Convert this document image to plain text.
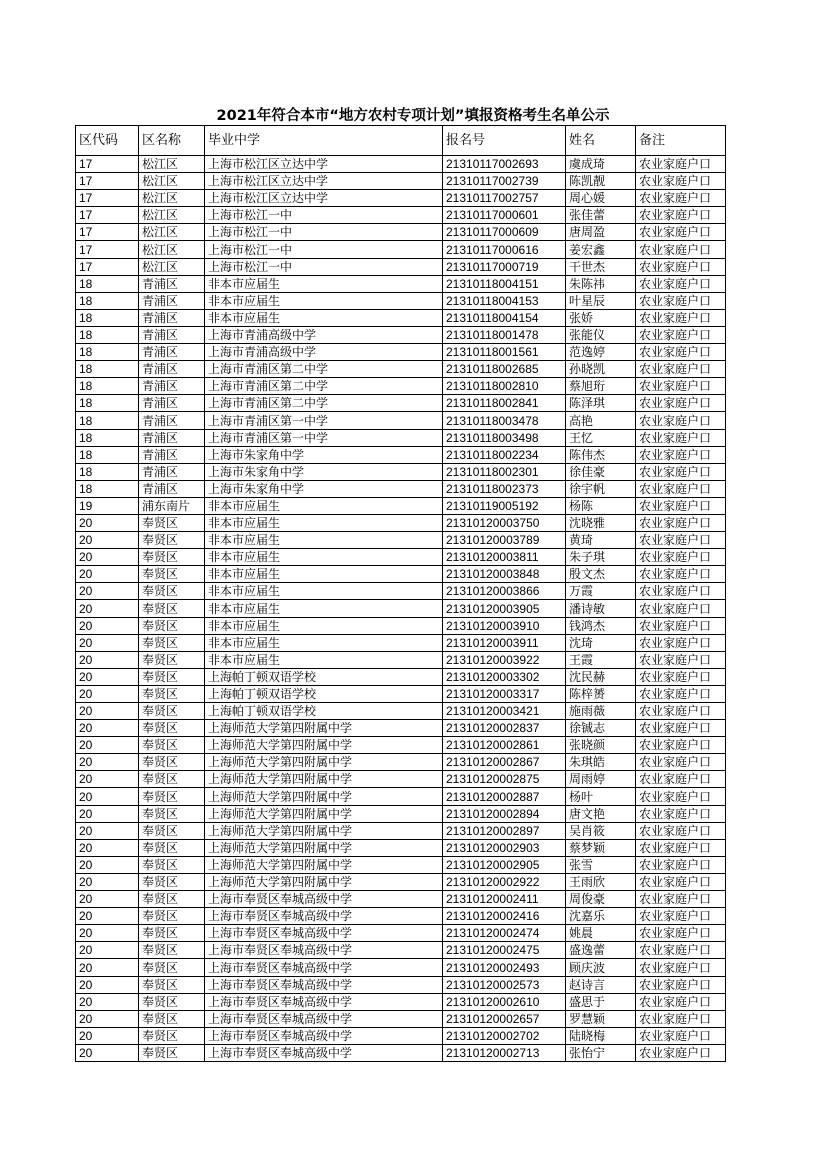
2021年符合本市“地方农村专项计划”填报资格考生名单公示
区代码	区名称	毕业中学	报名号	姓名	备注
17	松江区	上海市松江区立达中学	21310117002693	虞成琦	农业家庭户口
17	松江区	上海市松江区立达中学	21310117002739	陈凯靓	农业家庭户口
17	松江区	上海市松江区立达中学	21310117002757	周心媛	农业家庭户口
17	松江区	上海市松江一中	21310117000601	张佳蕾	农业家庭户口
17	松江区	上海市松江一中	21310117000609	唐周盈	农业家庭户口
17	松江区	上海市松江一中	21310117000616	姜宏鑫	农业家庭户口
17	松江区	上海市松江一中	21310117000719	干世杰	农业家庭户口
18	青浦区	非本市应届生	21310118004151	朱陈祎	农业家庭户口
18	青浦区	非本市应届生	21310118004153	叶星辰	农业家庭户口
18	青浦区	非本市应届生	21310118004154	张娇	农业家庭户口
18	青浦区	上海市青浦高级中学	21310118001478	张能仪	农业家庭户口
18	青浦区	上海市青浦高级中学	21310118001561	范逸婷	农业家庭户口
18	青浦区	上海市青浦区第二中学	21310118002685	孙晓凯	农业家庭户口
18	青浦区	上海市青浦区第二中学	21310118002810	蔡旭珩	农业家庭户口
18	青浦区	上海市青浦区第二中学	21310118002841	陈泽琪	农业家庭户口
18	青浦区	上海市青浦区第一中学	21310118003478	高艳	农业家庭户口
18	青浦区	上海市青浦区第一中学	21310118003498	王忆	农业家庭户口
18	青浦区	上海市朱家角中学	21310118002234	陈伟杰	农业家庭户口
18	青浦区	上海市朱家角中学	21310118002301	徐佳豪	农业家庭户口
18	青浦区	上海市朱家角中学	21310118002373	徐宇帆	农业家庭户口
19	浦东南片	非本市应届生	21310119005192	杨陈	农业家庭户口
20	奉贤区	非本市应届生	21310120003750	沈晓雅	农业家庭户口
20	奉贤区	非本市应届生	21310120003789	黄琦	农业家庭户口
20	奉贤区	非本市应届生	21310120003811	朱子琪	农业家庭户口
20	奉贤区	非本市应届生	21310120003848	殷文杰	农业家庭户口
20	奉贤区	非本市应届生	21310120003866	万霞	农业家庭户口
20	奉贤区	非本市应届生	21310120003905	潘诗敏	农业家庭户口
20	奉贤区	非本市应届生	21310120003910	钱鸿杰	农业家庭户口
20	奉贤区	非本市应届生	21310120003911	沈琦	农业家庭户口
20	奉贤区	非本市应届生	21310120003922	王霞	农业家庭户口
20	奉贤区	上海帕丁顿双语学校	21310120003302	沈民赫	农业家庭户口
20	奉贤区	上海帕丁顿双语学校	21310120003317	陈梓赟	农业家庭户口
20	奉贤区	上海帕丁顿双语学校	21310120003421	施雨薇	农业家庭户口
20	奉贤区	上海师范大学第四附属中学	21310120002837	徐铖志	农业家庭户口
20	奉贤区	上海师范大学第四附属中学	21310120002861	张晓颜	农业家庭户口
20	奉贤区	上海师范大学第四附属中学	21310120002867	朱琪皓	农业家庭户口
20	奉贤区	上海师范大学第四附属中学	21310120002875	周雨婷	农业家庭户口
20	奉贤区	上海师范大学第四附属中学	21310120002887	杨叶	农业家庭户口
20	奉贤区	上海师范大学第四附属中学	21310120002894	唐文艳	农业家庭户口
20	奉贤区	上海师范大学第四附属中学	21310120002897	吴肖筱	农业家庭户口
20	奉贤区	上海师范大学第四附属中学	21310120002903	蔡梦颖	农业家庭户口
20	奉贤区	上海师范大学第四附属中学	21310120002905	张雪	农业家庭户口
20	奉贤区	上海师范大学第四附属中学	21310120002922	王雨欣	农业家庭户口
20	奉贤区	上海市奉贤区奉城高级中学	21310120002411	周俊豪	农业家庭户口
20	奉贤区	上海市奉贤区奉城高级中学	21310120002416	沈嘉乐	农业家庭户口
20	奉贤区	上海市奉贤区奉城高级中学	21310120002474	姚晨	农业家庭户口
20	奉贤区	上海市奉贤区奉城高级中学	21310120002475	盛逸蕾	农业家庭户口
20	奉贤区	上海市奉贤区奉城高级中学	21310120002493	顾庆波	农业家庭户口
20	奉贤区	上海市奉贤区奉城高级中学	21310120002573	赵诗言	农业家庭户口
20	奉贤区	上海市奉贤区奉城高级中学	21310120002610	盛思于	农业家庭户口
20	奉贤区	上海市奉贤区奉城高级中学	21310120002657	罗慧颖	农业家庭户口
20	奉贤区	上海市奉贤区奉城高级中学	21310120002702	陆晓梅	农业家庭户口
20	奉贤区	上海市奉贤区奉城高级中学	21310120002713	张怡宁	农业家庭户口
